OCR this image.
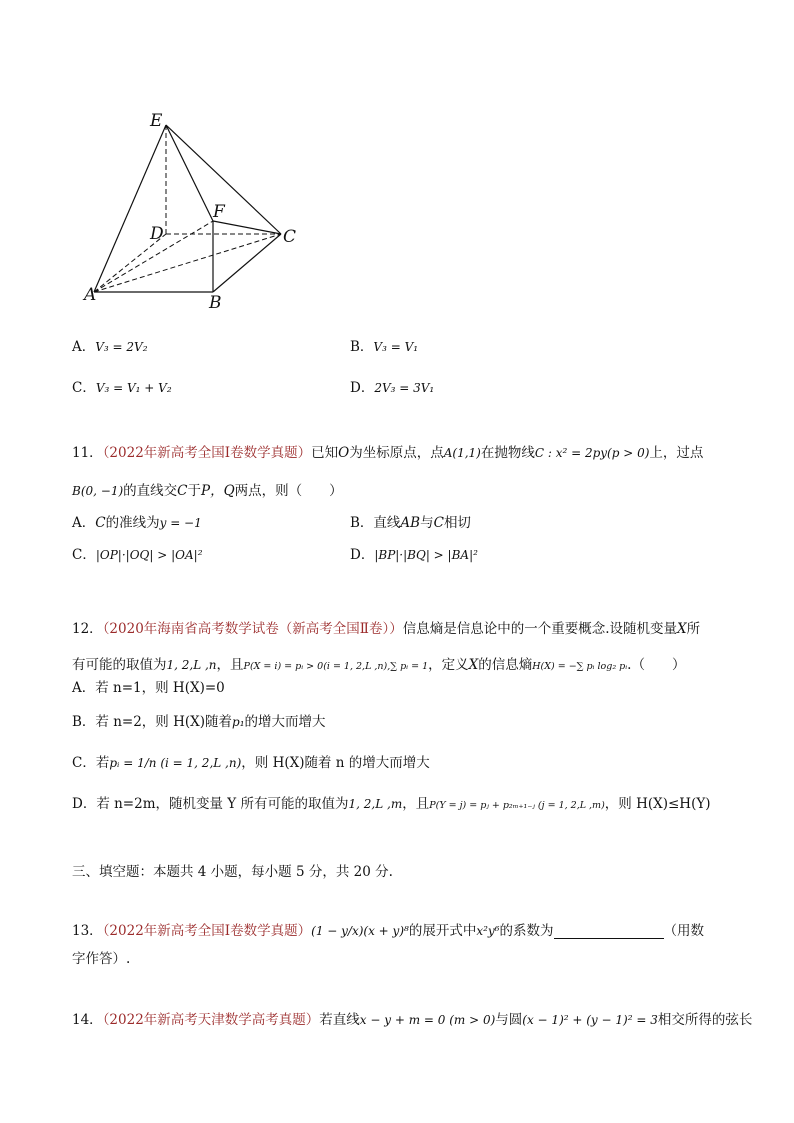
E
F
D	C
A	B
A．V₃ = 2V₂	B．V₃ = V₁
C．V₃ = V₁ + V₂	D．2V₃ = 3V₁
11．（2022年新高考全国Ⅰ卷数学真题）已知O为坐标原点，点A(1,1)在抛物线C : x² = 2py(p > 0)上，过点
B(0, −1)的直线交C于P，Q两点，则（　　）
A．C的准线为y = −1	B．直线AB与C相切
C．|OP|·|OQ| > |OA|²	D．|BP|·|BQ| > |BA|²
12．（2020年海南省高考数学试卷（新高考全国Ⅱ卷））信息熵是信息论中的一个重要概念.设随机变量X所
有可能的取值为1, 2,L ,n，且P(X = i) = pᵢ > 0(i = 1, 2,L ,n),∑ pᵢ = 1，定义X的信息熵H(X) = −∑ pᵢ log₂ pᵢ.（　　）
A．若 n=1，则 H(X)=0
B．若 n=2，则 H(X)随着p₁的增大而增大
C．若pᵢ = 1/n (i = 1, 2,L ,n)，则 H(X)随着 n 的增大而增大
D．若 n=2m，随机变量 Y 所有可能的取值为1, 2,L ,m，且P(Y = j) = pⱼ + p₂ₘ₊₁₋ⱼ (j = 1, 2,L ,m)，则 H(X)≤H(Y)
三、填空题：本题共 4 小题，每小题 5 分，共 20 分.
13．（2022年新高考全国Ⅰ卷数学真题）(1 − y/x)(x + y)⁸的展开式中x²y⁶的系数为	（用数
字作答）.
14．（2022年新高考天津数学高考真题）若直线x − y + m = 0 (m > 0)与圆(x − 1)² + (y − 1)² = 3相交所得的弦长
